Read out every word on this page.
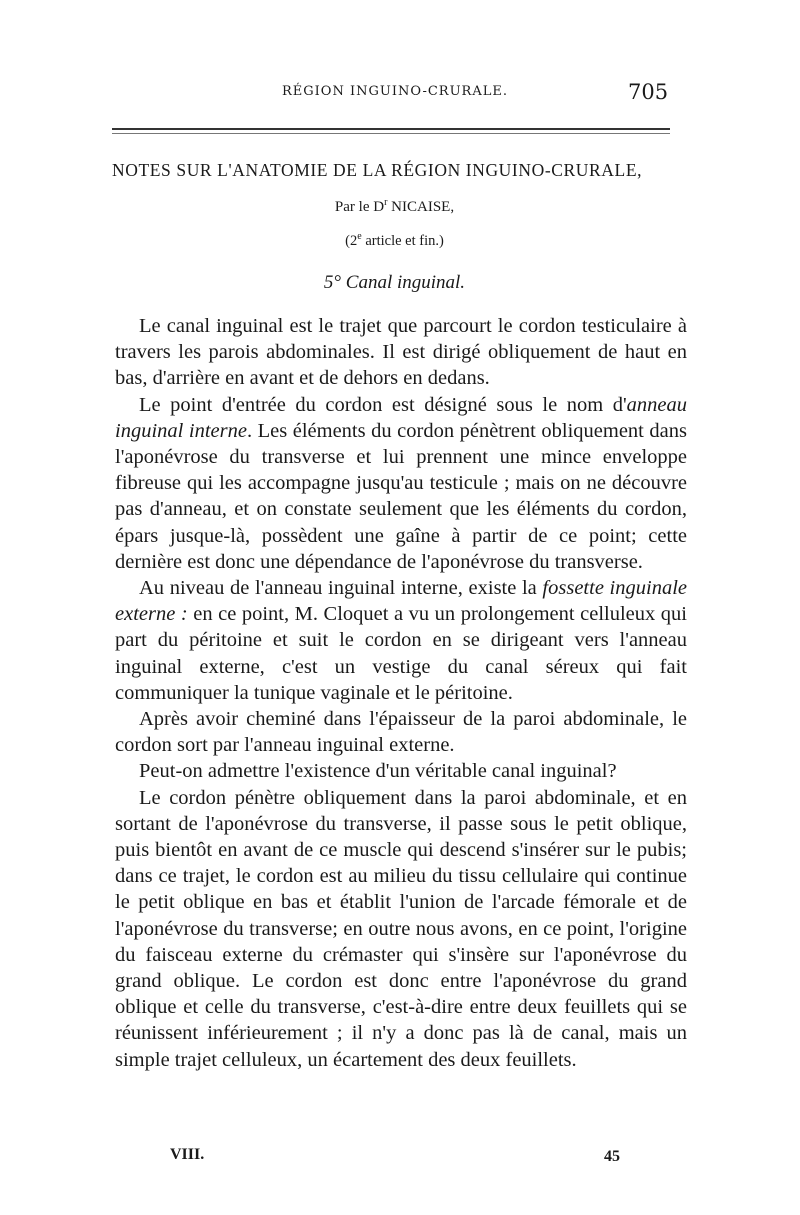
RÉGION INGUINO-CRURALE.	705
NOTES SUR L'ANATOMIE DE LA RÉGION INGUINO-CRURALE,
Par le $D^r$ NICAISE,
(2e article et fin.)
5° Canal inguinal.

Le canal inguinal est le trajet que parcourt le cordon testiculaire à travers les parois abdominales. Il est dirigé obliquement de haut en bas, d'arrière en avant et de dehors en dedans.

Le point d'entrée du cordon est désigné sous le nom d'anneau inguinal interne. Les éléments du cordon pénètrent obliquement dans l'aponévrose du transverse et lui prennent une mince enveloppe fibreuse qui les accompagne jusqu'au testicule ; mais on ne découvre pas d'anneau, et on constate seulement que les éléments du cordon, épars jusque-là, possèdent une gaîne à partir de ce point; cette dernière est donc une dépendance de l'aponévrose du transverse.

Au niveau de l'anneau inguinal interne, existe la fossette inguinale externe : en ce point, M. Cloquet a vu un prolongement celluleux qui part du péritoine et suit le cordon en se dirigeant vers l'anneau inguinal externe, c'est un vestige du canal séreux qui fait communiquer la tunique vaginale et le péritoine.

Après avoir cheminé dans l'épaisseur de la paroi abdominale, le cordon sort par l'anneau inguinal externe.

Peut-on admettre l'existence d'un véritable canal inguinal?

Le cordon pénètre obliquement dans la paroi abdominale, et en sortant de l'aponévrose du transverse, il passe sous le petit oblique, puis bientôt en avant de ce muscle qui descend s'insérer sur le pubis; dans ce trajet, le cordon est au milieu du tissu cellulaire qui continue le petit oblique en bas et établit l'union de l'arcade fémorale et de l'aponévrose du transverse; en outre nous avons, en ce point, l'origine du faisceau externe du crémaster qui s'insère sur l'aponévrose du grand oblique. Le cordon est donc entre l'aponévrose du grand oblique et celle du transverse, c'est-à-dire entre deux feuillets qui se réunissent inférieurement ; il n'y a donc pas là de canal, mais un simple trajet celluleux, un écartement des deux feuillets.

VIII.	45
